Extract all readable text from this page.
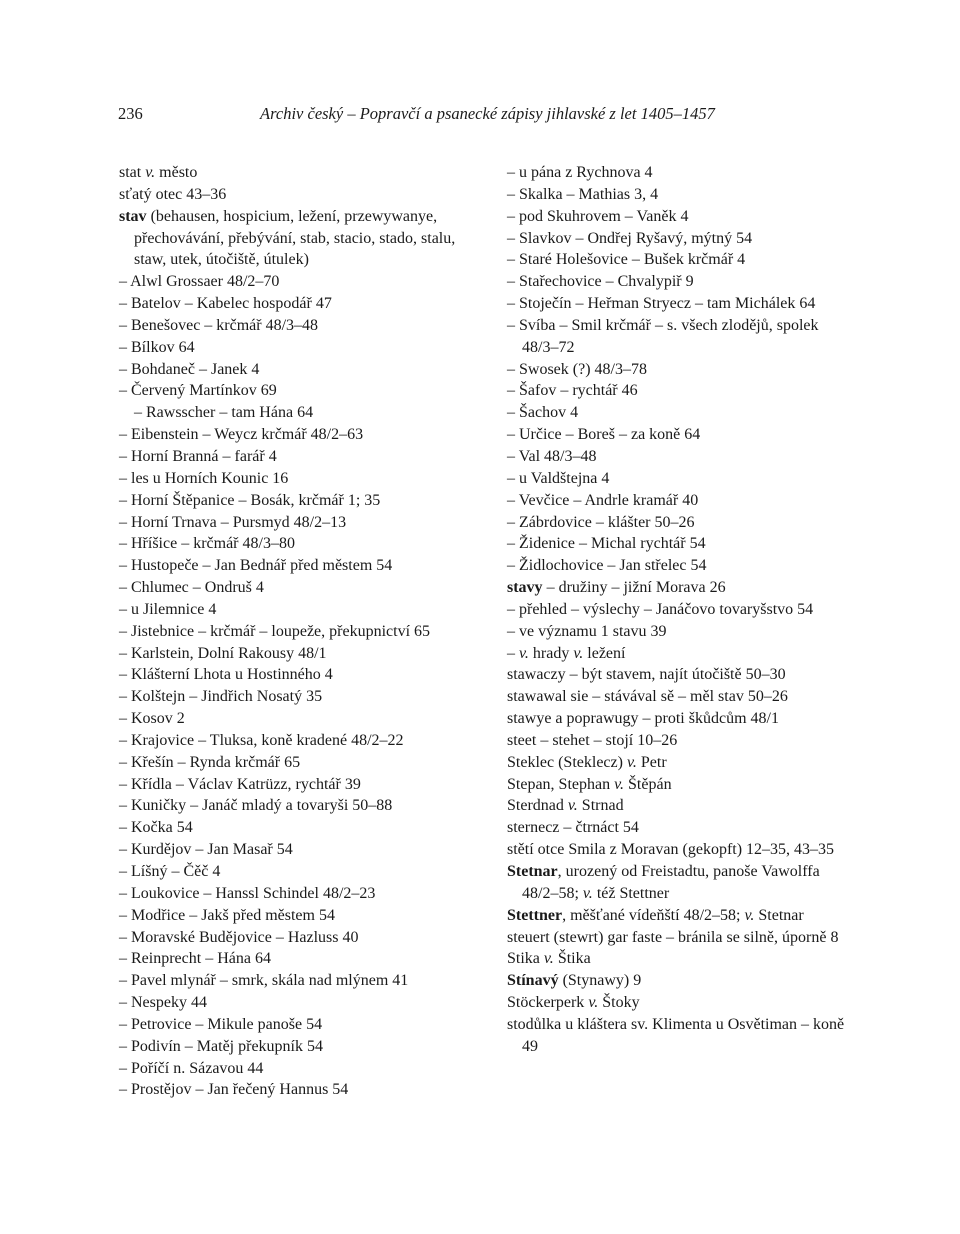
236	Archiv český – Popravčí a psanecké zápisy jihlavské z let 1405–1457

stat v. město

sťatý otec 43–36

stav (behausen, hospicium, ležení, przewywanye, přechovávání, přebývání, stab, stacio, stado, stalu, staw, utek, útočiště, útulek)

– Alwl Grossaer 48/2–70

– Batelov – Kabelec hospodář 47

– Benešovec – krčmář 48/3–48

– Bílkov 64

– Bohdaneč – Janek 4

– Červený Martínkov 69

– Rawsscher – tam Hána 64

– Eibenstein – Weycz krčmář 48/2–63

– Horní Branná – farář 4

– les u Horních Kounic 16

– Horní Štěpanice – Bosák, krčmář 1; 35

– Horní Trnava – Pursmyd 48/2–13

– Hříšice – krčmář 48/3–80

– Hustopeče – Jan Bednář před městem 54

– Chlumec – Ondruš 4

– u Jilemnice 4

– Jistebnice – krčmář – loupeže, překupnictví 65

– Karlstein, Dolní Rakousy 48/1

– Klášterní Lhota u Hostinného 4

– Kolštejn – Jindřich Nosatý 35

– Kosov 2

– Krajovice – Tluksa, koně kradené 48/2–22

– Křešín – Rynda krčmář 65

– Křídla – Václav Katrüzz, rychtář 39

– Kuničky – Janáč mladý a tovaryši 50–88

– Kočka 54

– Kurdějov – Jan Masař 54

– Líšný – Čěč 4

– Loukovice – Hanssl Schindel 48/2–23

– Modřice – Jakš před městem 54

– Moravské Budějovice – Hazluss 40

– Reinprecht – Hána 64

– Pavel mlynář – smrk, skála nad mlýnem 41

– Nespeky 44

– Petrovice – Mikule panoše 54

– Podivín – Matěj překupník 54

– Poříčí n. Sázavou 44

– Prostějov – Jan řečený Hannus 54

– u pána z Rychnova 4

– Skalka – Mathias 3, 4

– pod Skuhrovem – Vaněk 4

– Slavkov – Ondřej Ryšavý, mýtný 54

– Staré Holešovice – Bušek krčmář 4

– Stařechovice – Chvalypiř 9

– Stoječín – Heřman Stryecz – tam Michálek 64

– Svíba – Smil krčmář – s. všech zlodějů, spolek 48/3–72

– Swosek (?) 48/3–78

– Šafov – rychtář 46

– Šachov 4

– Určice – Boreš – za koně 64

– Val 48/3–48

– u Valdštejna 4

– Vevčice – Andrle kramář 40

– Zábrdovice – klášter 50–26

– Židenice – Michal rychtář 54

– Židlochovice – Jan střelec 54

stavy – družiny – jižní Morava 26

– přehled – výslechy – Janáčovo tovaryšstvo 54

– ve významu 1 stavu 39

– v. hrady v. ležení

stawaczy – být stavem, najít útočiště 50–30

stawawal sie – stávával sě – měl stav 50–26

stawye a poprawugy – proti škůdcům 48/1

steet – stehet – stojí 10–26

Steklec (Steklecz) v. Petr

Stepan, Stephan v. Štěpán

Sterdnad v. Strnad

sternecz – čtrnáct 54

stětí otce Smila z Moravan (gekopft) 12–35, 43–35

Stetnar, urozený od Freistadtu, panoše Vawolffa 48/2–58; v. též Stettner

Stettner, měšťané vídeňští 48/2–58; v. Stetnar

steuert (stewrt) gar faste – bránila se silně, úporně 8

Stika v. Štika

Stínavý (Stynawy) 9

Stöckerperk v. Štoky

stodůlka u kláštera sv. Klimenta u Osvětiman – koně 49
